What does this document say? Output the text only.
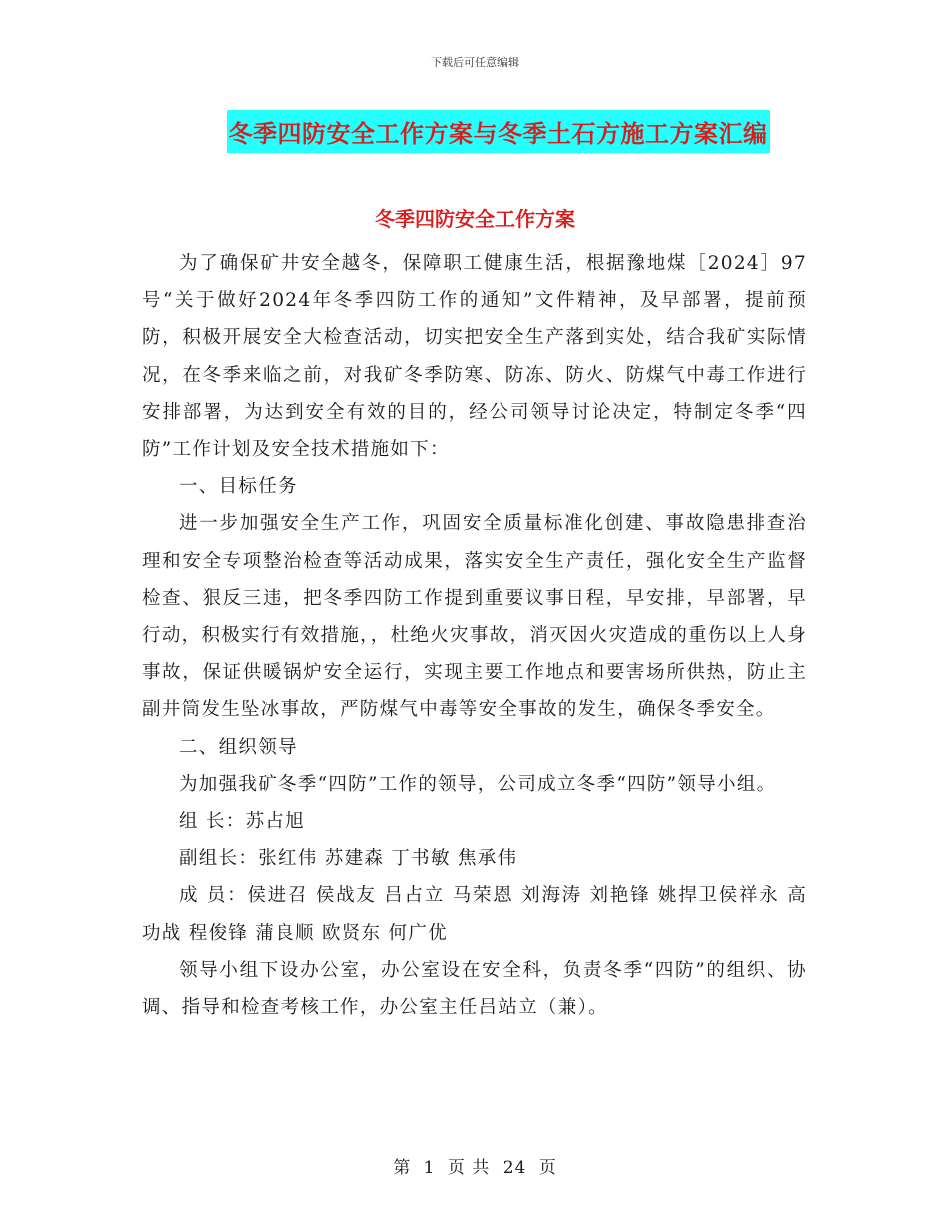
下载后可任意编辑
冬季四防安全工作方案与冬季土石方施工方案汇编
冬季四防安全工作方案

为了确保矿井安全越冬，保障职工健康生活，根据豫地煤［2024］97号“关于做好2024年冬季四防工作的通知”文件精神，及早部署，提前预防，积极开展安全大检查活动，切实把安全生产落到实处，结合我矿实际情况，在冬季来临之前，对我矿冬季防寒、防冻、防火、防煤气中毒工作进行安排部署，为达到安全有效的目的，经公司领导讨论决定，特制定冬季“四防”工作计划及安全技术措施如下：

一、目标任务

进一步加强安全生产工作，巩固安全质量标准化创建、事故隐患排查治理和安全专项整治检查等活动成果，落实安全生产责任，强化安全生产监督检查、狠反三违，把冬季四防工作提到重要议事日程，早安排，早部署，早行动，积极实行有效措施，，杜绝火灾事故，消灭因火灾造成的重伤以上人身事故，保证供暖锅炉安全运行，实现主要工作地点和要害场所供热，防止主副井筒发生坠冰事故，严防煤气中毒等安全事故的发生，确保冬季安全。

二、组织领导

为加强我矿冬季“四防”工作的领导，公司成立冬季“四防”领导小组。

组 长：苏占旭

副组长：张红伟 苏建森 丁书敏 焦承伟

成 员：侯进召 侯战友 吕占立 马荣恩 刘海涛 刘艳锋 姚捍卫侯祥永 高功战 程俊锋 蒲良顺 欧贤东 何广优

领导小组下设办公室，办公室设在安全科，负责冬季“四防”的组织、协调、指导和检查考核工作，办公室主任吕站立（兼）。

第 1 页 共 24 页
